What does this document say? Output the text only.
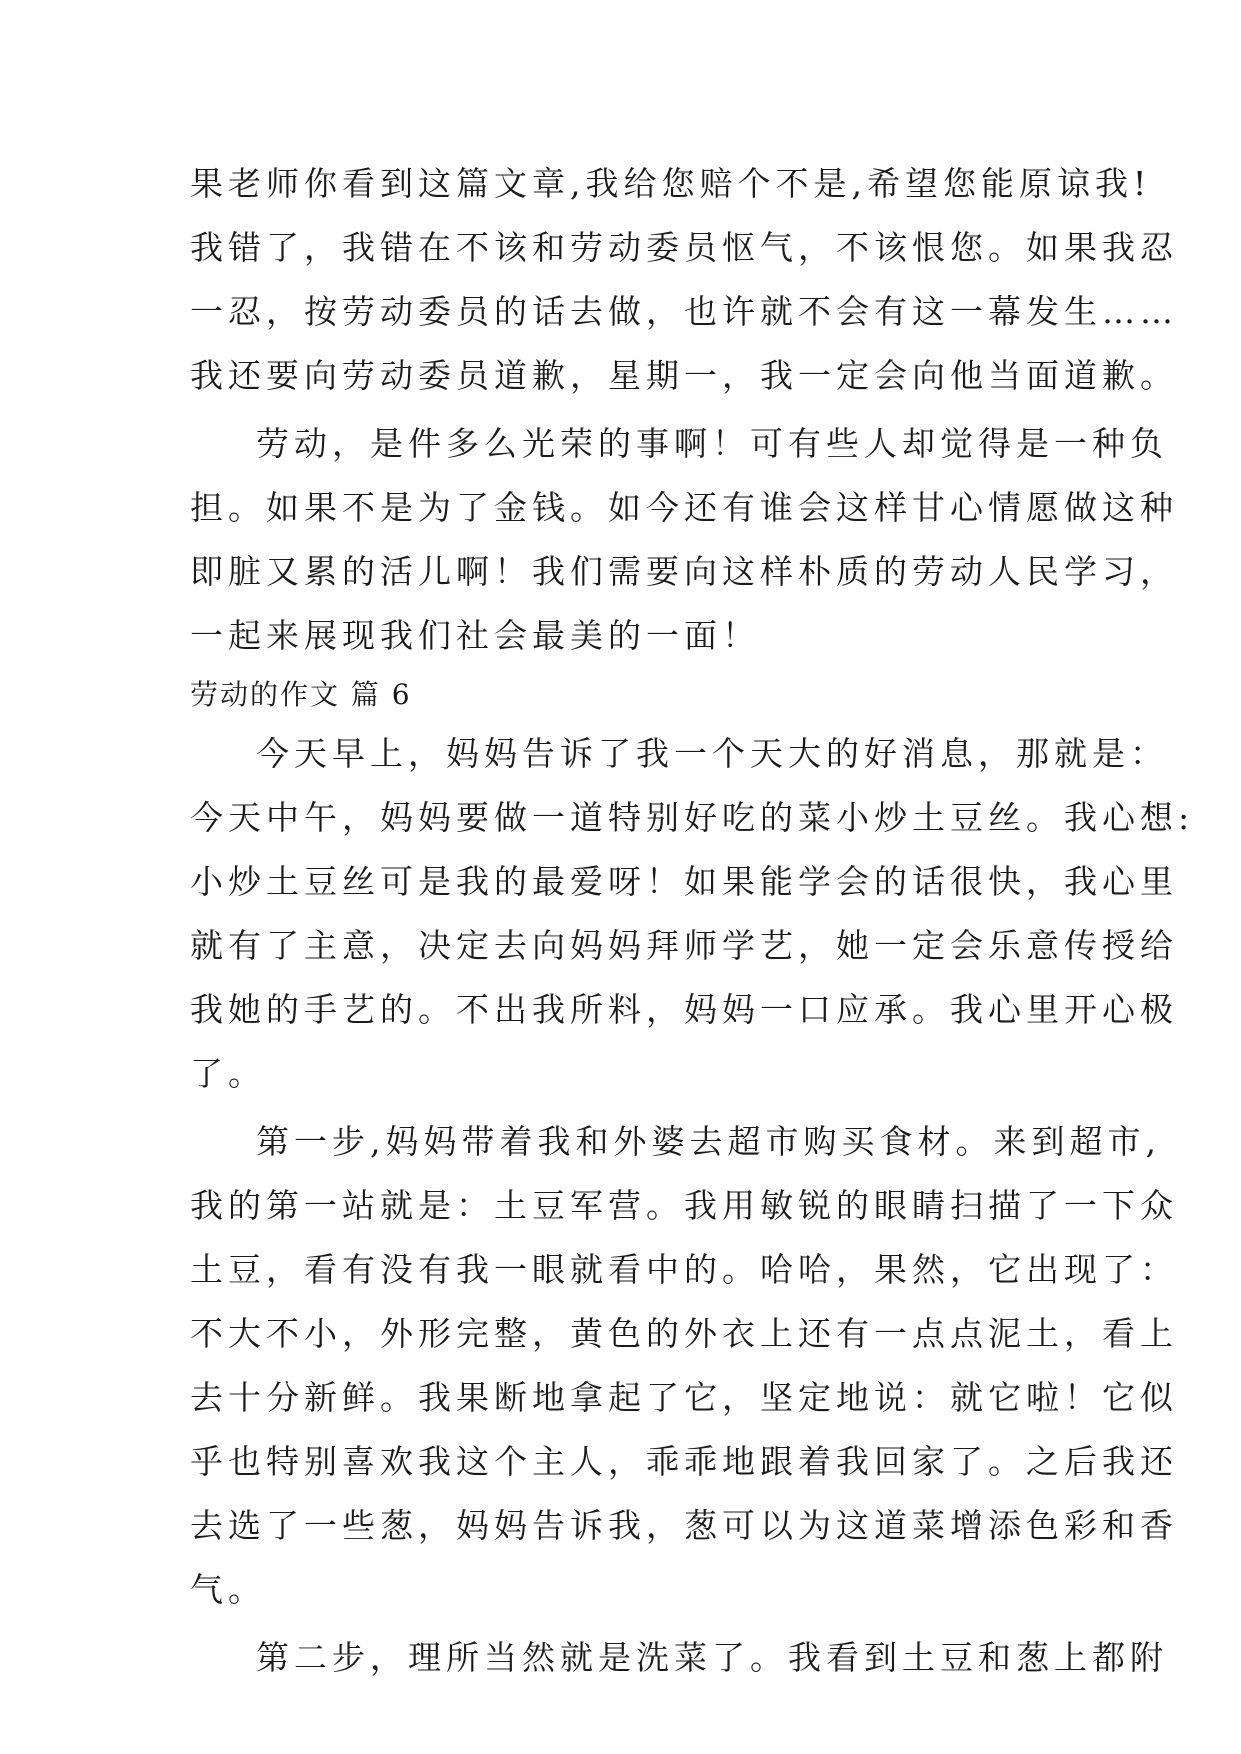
果老师你看到这篇文章,我给您赔个不是,希望您能原谅我!
我错了，我错在不该和劳动委员怄气，不该恨您。如果我忍
一忍，按劳动委员的话去做，也许就不会有这一幕发生……
我还要向劳动委员道歉，星期一，我一定会向他当面道歉。
劳动，是件多么光荣的事啊！可有些人却觉得是一种负
担。如果不是为了金钱。如今还有谁会这样甘心情愿做这种
即脏又累的活儿啊！我们需要向这样朴质的劳动人民学习，
一起来展现我们社会最美的一面！
劳动的作文 篇 6
今天早上，妈妈告诉了我一个天大的好消息，那就是：
今天中午，妈妈要做一道特别好吃的菜小炒土豆丝。我心想:
小炒土豆丝可是我的最爱呀！如果能学会的话很快，我心里
就有了主意，决定去向妈妈拜师学艺，她一定会乐意传授给
我她的手艺的。不出我所料，妈妈一口应承。我心里开心极
了。
第一步,妈妈带着我和外婆去超市购买食材。来到超市,
我的第一站就是：土豆军营。我用敏锐的眼睛扫描了一下众
土豆，看有没有我一眼就看中的。哈哈，果然，它出现了：
不大不小，外形完整，黄色的外衣上还有一点点泥土，看上
去十分新鲜。我果断地拿起了它，坚定地说：就它啦！它似
乎也特别喜欢我这个主人，乖乖地跟着我回家了。之后我还
去选了一些葱，妈妈告诉我，葱可以为这道菜增添色彩和香
气。
第二步，理所当然就是洗菜了。我看到土豆和葱上都附
